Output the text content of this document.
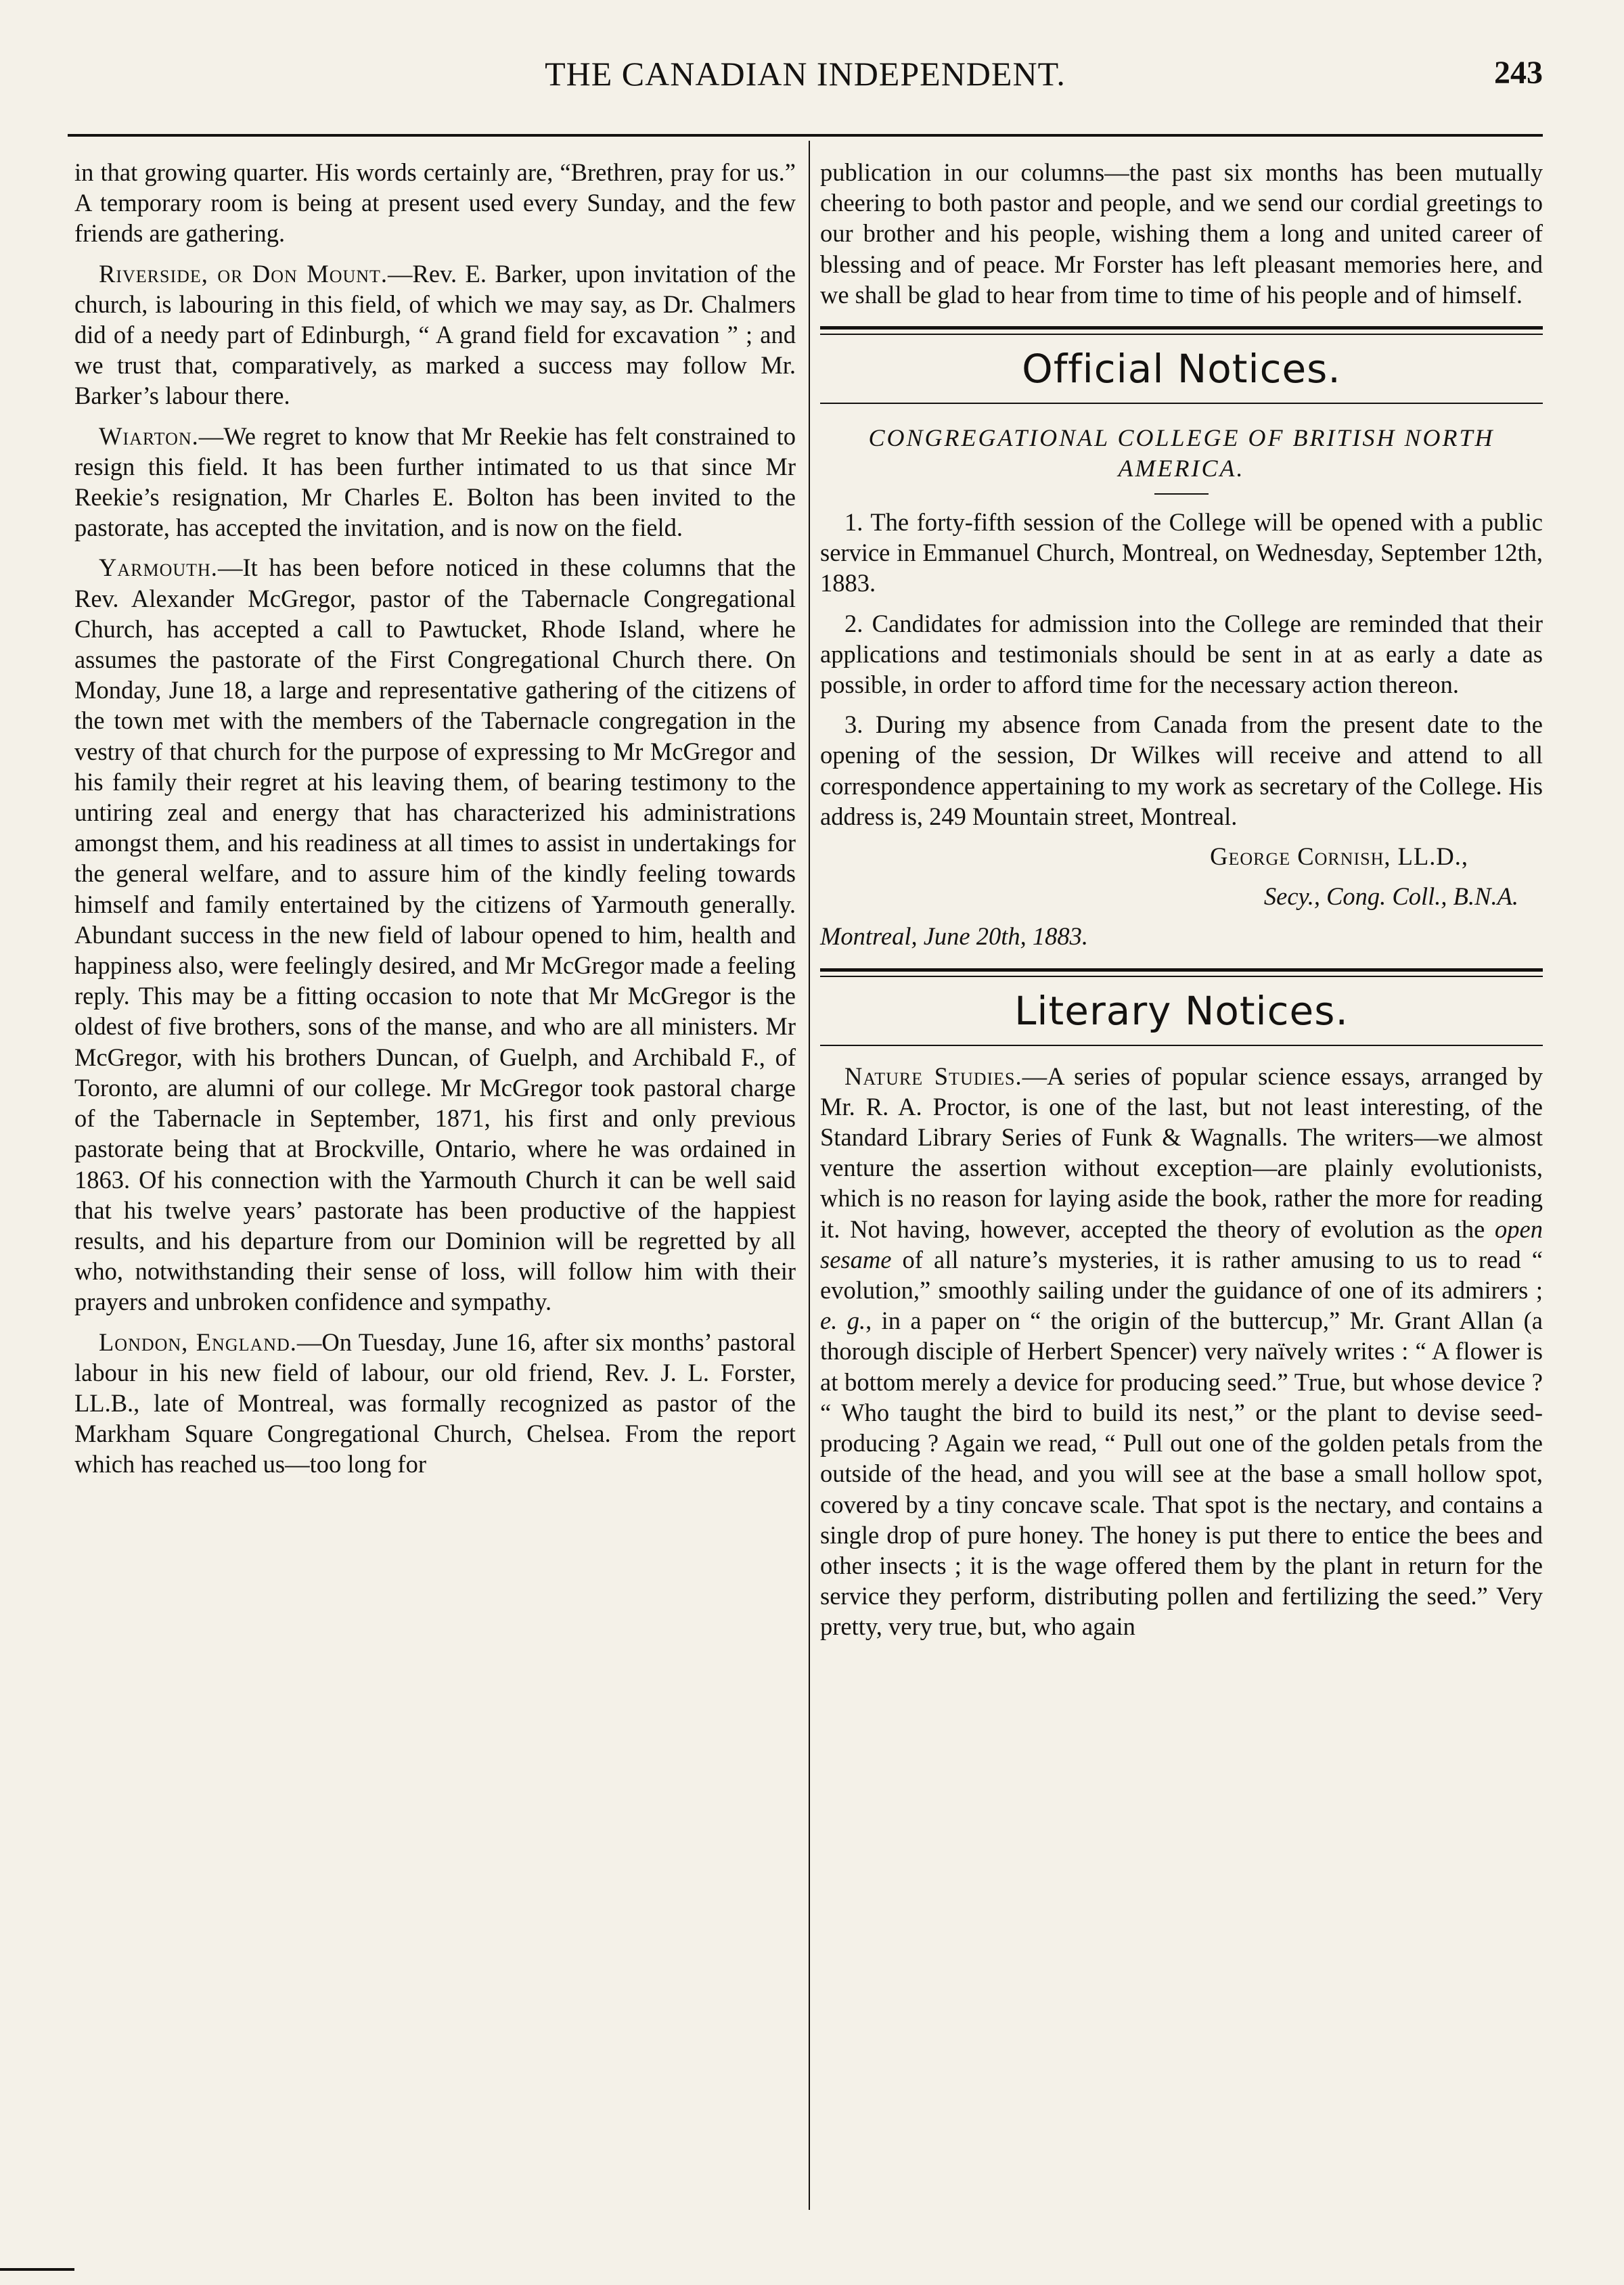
THE CANADIAN INDEPENDENT.	243

in that growing quarter. His words certainly are, “Brethren, pray for us.” A temporary room is being at present used every Sunday, and the few friends are gathering.

Riverside, or Don Mount.—Rev. E. Barker, upon invitation of the church, is labouring in this field, of which we may say, as Dr. Chalmers did of a needy part of Edinburgh, “ A grand field for excavation ” ; and we trust that, comparatively, as marked a success may follow Mr. Barker’s labour there.

Wiarton.—We regret to know that Mr Reekie has felt constrained to resign this field. It has been further intimated to us that since Mr Reekie’s resignation, Mr Charles E. Bolton has been invited to the pastorate, has accepted the invitation, and is now on the field.

Yarmouth.—It has been before noticed in these columns that the Rev. Alexander McGregor, pastor of the Tabernacle Congregational Church, has accepted a call to Pawtucket, Rhode Island, where he assumes the pastorate of the First Congregational Church there. On Monday, June 18, a large and representative gathering of the citizens of the town met with the members of the Tabernacle congregation in the vestry of that church for the purpose of expressing to Mr McGregor and his family their regret at his leaving them, of bearing testimony to the untiring zeal and energy that has characterized his administrations amongst them, and his readiness at all times to assist in undertakings for the general welfare, and to assure him of the kindly feeling towards himself and family entertained by the citizens of Yarmouth generally. Abundant success in the new field of labour opened to him, health and happiness also, were feelingly desired, and Mr McGregor made a feeling reply. This may be a fitting occasion to note that Mr McGregor is the oldest of five brothers, sons of the manse, and who are all ministers. Mr McGregor, with his brothers Duncan, of Guelph, and Archibald F., of Toronto, are alumni of our college. Mr McGregor took pastoral charge of the Tabernacle in September, 1871, his first and only previous pastorate being that at Brockville, Ontario, where he was ordained in 1863. Of his connection with the Yarmouth Church it can be well said that his twelve years’ pastorate has been productive of the happiest results, and his departure from our Dominion will be regretted by all who, notwithstanding their sense of loss, will follow him with their prayers and unbroken confidence and sympathy.

London, England.—On Tuesday, June 16, after six months’ pastoral labour in his new field of labour, our old friend, Rev. J. L. Forster, LL.B., late of Montreal, was formally recognized as pastor of the Markham Square Congregational Church, Chelsea. From the report which has reached us—too long for

publication in our columns—the past six months has been mutually cheering to both pastor and people, and we send our cordial greetings to our brother and his people, wishing them a long and united career of blessing and of peace. Mr Forster has left pleasant memories here, and we shall be glad to hear from time to time of his people and of himself.

Official Notices.
CONGREGATIONAL COLLEGE OF BRITISH NORTH AMERICA.

1. The forty-fifth session of the College will be opened with a public service in Emmanuel Church, Montreal, on Wednesday, September 12th, 1883.

2. Candidates for admission into the College are reminded that their applications and testimonials should be sent in at as early a date as possible, in order to afford time for the necessary action thereon.

3. During my absence from Canada from the present date to the opening of the session, Dr Wilkes will receive and attend to all correspondence appertaining to my work as secretary of the College. His address is, 249 Mountain street, Montreal.

George Cornish, LL.D.,

Secy., Cong. Coll., B.N.A.

Montreal, June 20th, 1883.

Literary Notices.

Nature Studies.—A series of popular science essays, arranged by Mr. R. A. Proctor, is one of the last, but not least interesting, of the Standard Library Series of Funk & Wagnalls. The writers—we almost venture the assertion without exception—are plainly evolutionists, which is no reason for laying aside the book, rather the more for reading it. Not having, however, accepted the theory of evolution as the open sesame of all nature’s mysteries, it is rather amusing to us to read “ evolution,” smoothly sailing under the guidance of one of its admirers ; e. g., in a paper on “ the origin of the buttercup,” Mr. Grant Allan (a thorough disciple of Herbert Spencer) very naïvely writes : “ A flower is at bottom merely a device for producing seed.” True, but whose device ? “ Who taught the bird to build its nest,” or the plant to devise seed-producing ? Again we read, “ Pull out one of the golden petals from the outside of the head, and you will see at the base a small hollow spot, covered by a tiny concave scale. That spot is the nectary, and contains a single drop of pure honey. The honey is put there to entice the bees and other insects ; it is the wage offered them by the plant in return for the service they perform, distributing pollen and fertilizing the seed.” Very pretty, very true, but, who again
